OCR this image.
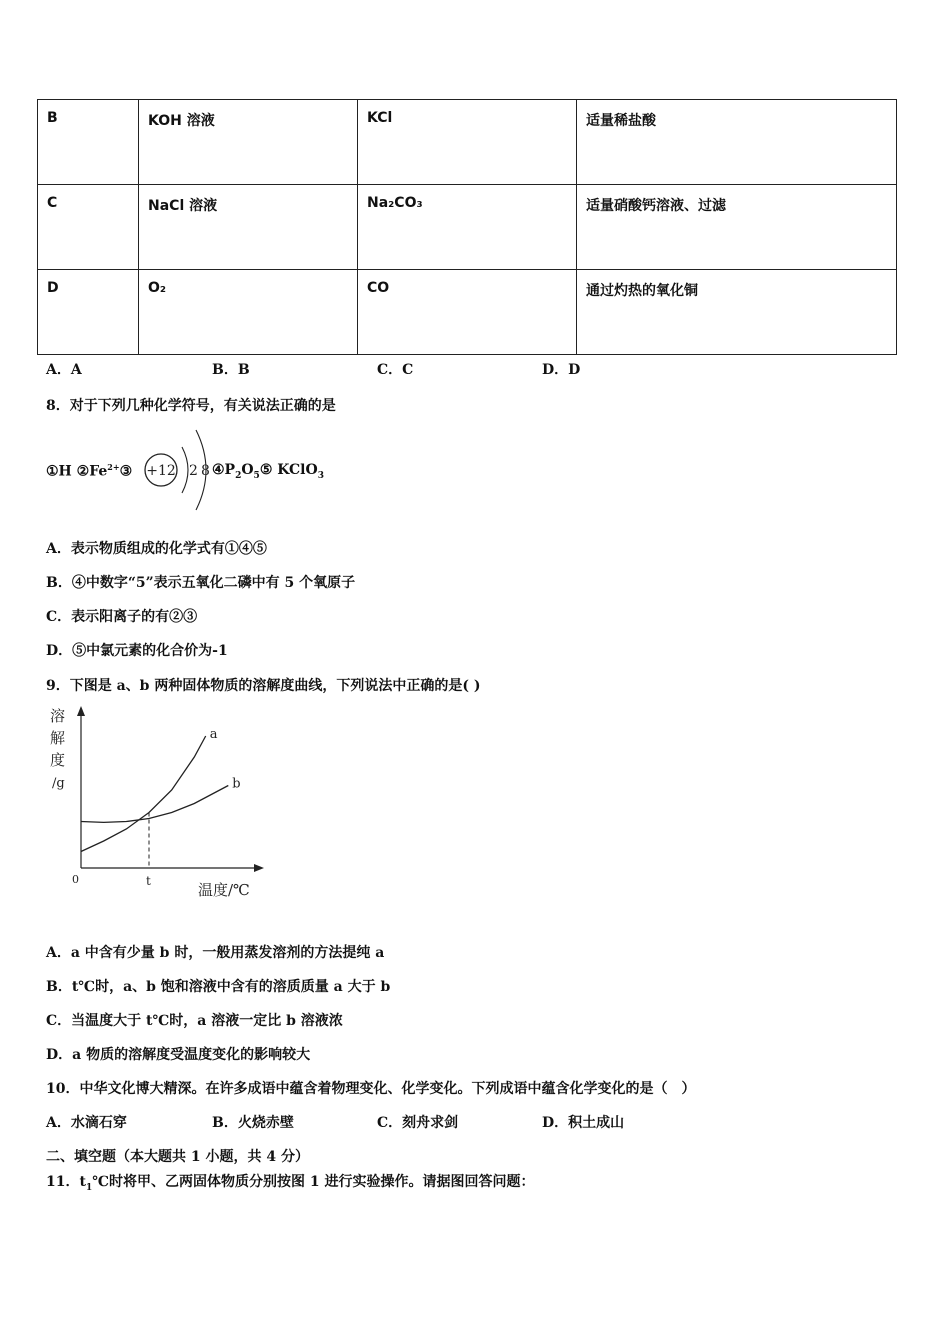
B	KOH 溶液	KCl	适量稀盐酸
C	NaCl 溶液	Na₂CO₃	适量硝酸钙溶液、过滤
D	O₂	CO	通过灼热的氧化铜
A．A	B．B	C．C	D．D
8．对于下列几种化学符号，有关说法正确的是
①H $②Fe^{2+}③ +12$ 2 8 $④P_2O_5⑤$ KClO$_3$
A．表示物质组成的化学式有①④⑤
B．④中数字“5”表示五氧化二磷中有 5 个氧原子
C．表示阳离子的有②③
D．⑤中氯元素的化合价为-1
9．下图是 a、b 两种固体物质的溶解度曲线，下列说法中正确的是( )
溶
解
度
/g
0	t	温度/℃
a
b
A．a 中含有少量 b 时，一般用蒸发溶剂的方法提纯 a
B．t℃时，a、b 饱和溶液中含有的溶质质量 a 大于 b
C．当温度大于 t℃时，a 溶液一定比 b 溶液浓
D．a 物质的溶解度受温度变化的影响较大
10．中华文化博大精深。在许多成语中蕴含着物理变化、化学变化。下列成语中蕴含化学变化的是（　）
A．水滴石穿	B．火烧赤壁	C．刻舟求剑	D．积土成山
二、填空题（本大题共 1 小题，共 4 分）
11．$t_1℃$时将甲、乙两固体物质分别按图 1 进行实验操作。请据图回答问题：
